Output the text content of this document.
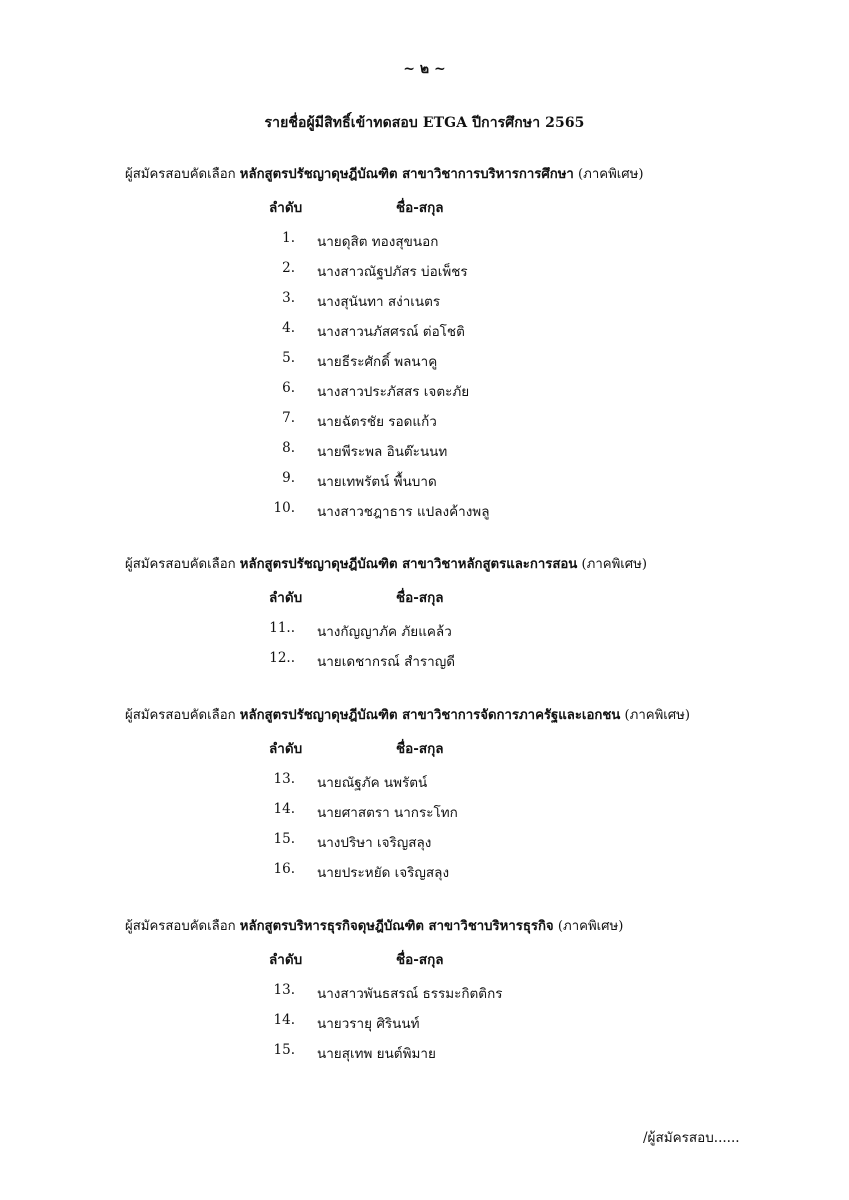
~ ๒ ~
รายชื่อผู้มีสิทธิ์เข้าทดสอบ ETGA ปีการศึกษา 2565
ผู้สมัครสอบคัดเลือก หลักสูตรปรัชญาดุษฎีบัณฑิต สาขาวิชาการบริหารการศึกษา (ภาคพิเศษ)
ลำดับ	ชื่อ-สกุล
1. นายดุสิต ทองสุขนอก
2. นางสาวณัฐปภัสร บ่อเพ็ชร
3. นางสุนันทา สง่าเนตร
4. นางสาวนภัสศรณ์ ต่อโชติ
5. นายธีระศักดิ์ พลนาคู
6. นางสาวประภัสสร เจตะภัย
7. นายฉัตรชัย รอดแก้ว
8. นายพีระพล อินต๊ะนนท
9. นายเทพรัตน์ พื้นบาด
10. นางสาวชฎาธาร แปลงค้างพลู
ผู้สมัครสอบคัดเลือก หลักสูตรปรัชญาดุษฎีบัณฑิต สาขาวิชาหลักสูตรและการสอน (ภาคพิเศษ)
ลำดับ	ชื่อ-สกุล
11.. นางกัญญาภัค ภัยแคล้ว
12.. นายเดชากรณ์ สำราญดี
ผู้สมัครสอบคัดเลือก หลักสูตรปรัชญาดุษฎีบัณฑิต สาขาวิชาการจัดการภาครัฐและเอกชน (ภาคพิเศษ)
ลำดับ	ชื่อ-สกุล
13. นายณัฐภัค นพรัตน์
14. นายศาสตรา นากระโทก
15. นางปริษา เจริญสลุง
16. นายประหยัด เจริญสลุง
ผู้สมัครสอบคัดเลือก หลักสูตรบริหารธุรกิจดุษฎีบัณฑิต สาขาวิชาบริหารธุรกิจ (ภาคพิเศษ)
ลำดับ	ชื่อ-สกุล
13. นางสาวพันธสรณ์ ธรรมะกิตติกร
14. นายวรายุ ศิรินนท์
15. นายสุเทพ ยนต์พิมาย
/ผู้สมัครสอบ......
